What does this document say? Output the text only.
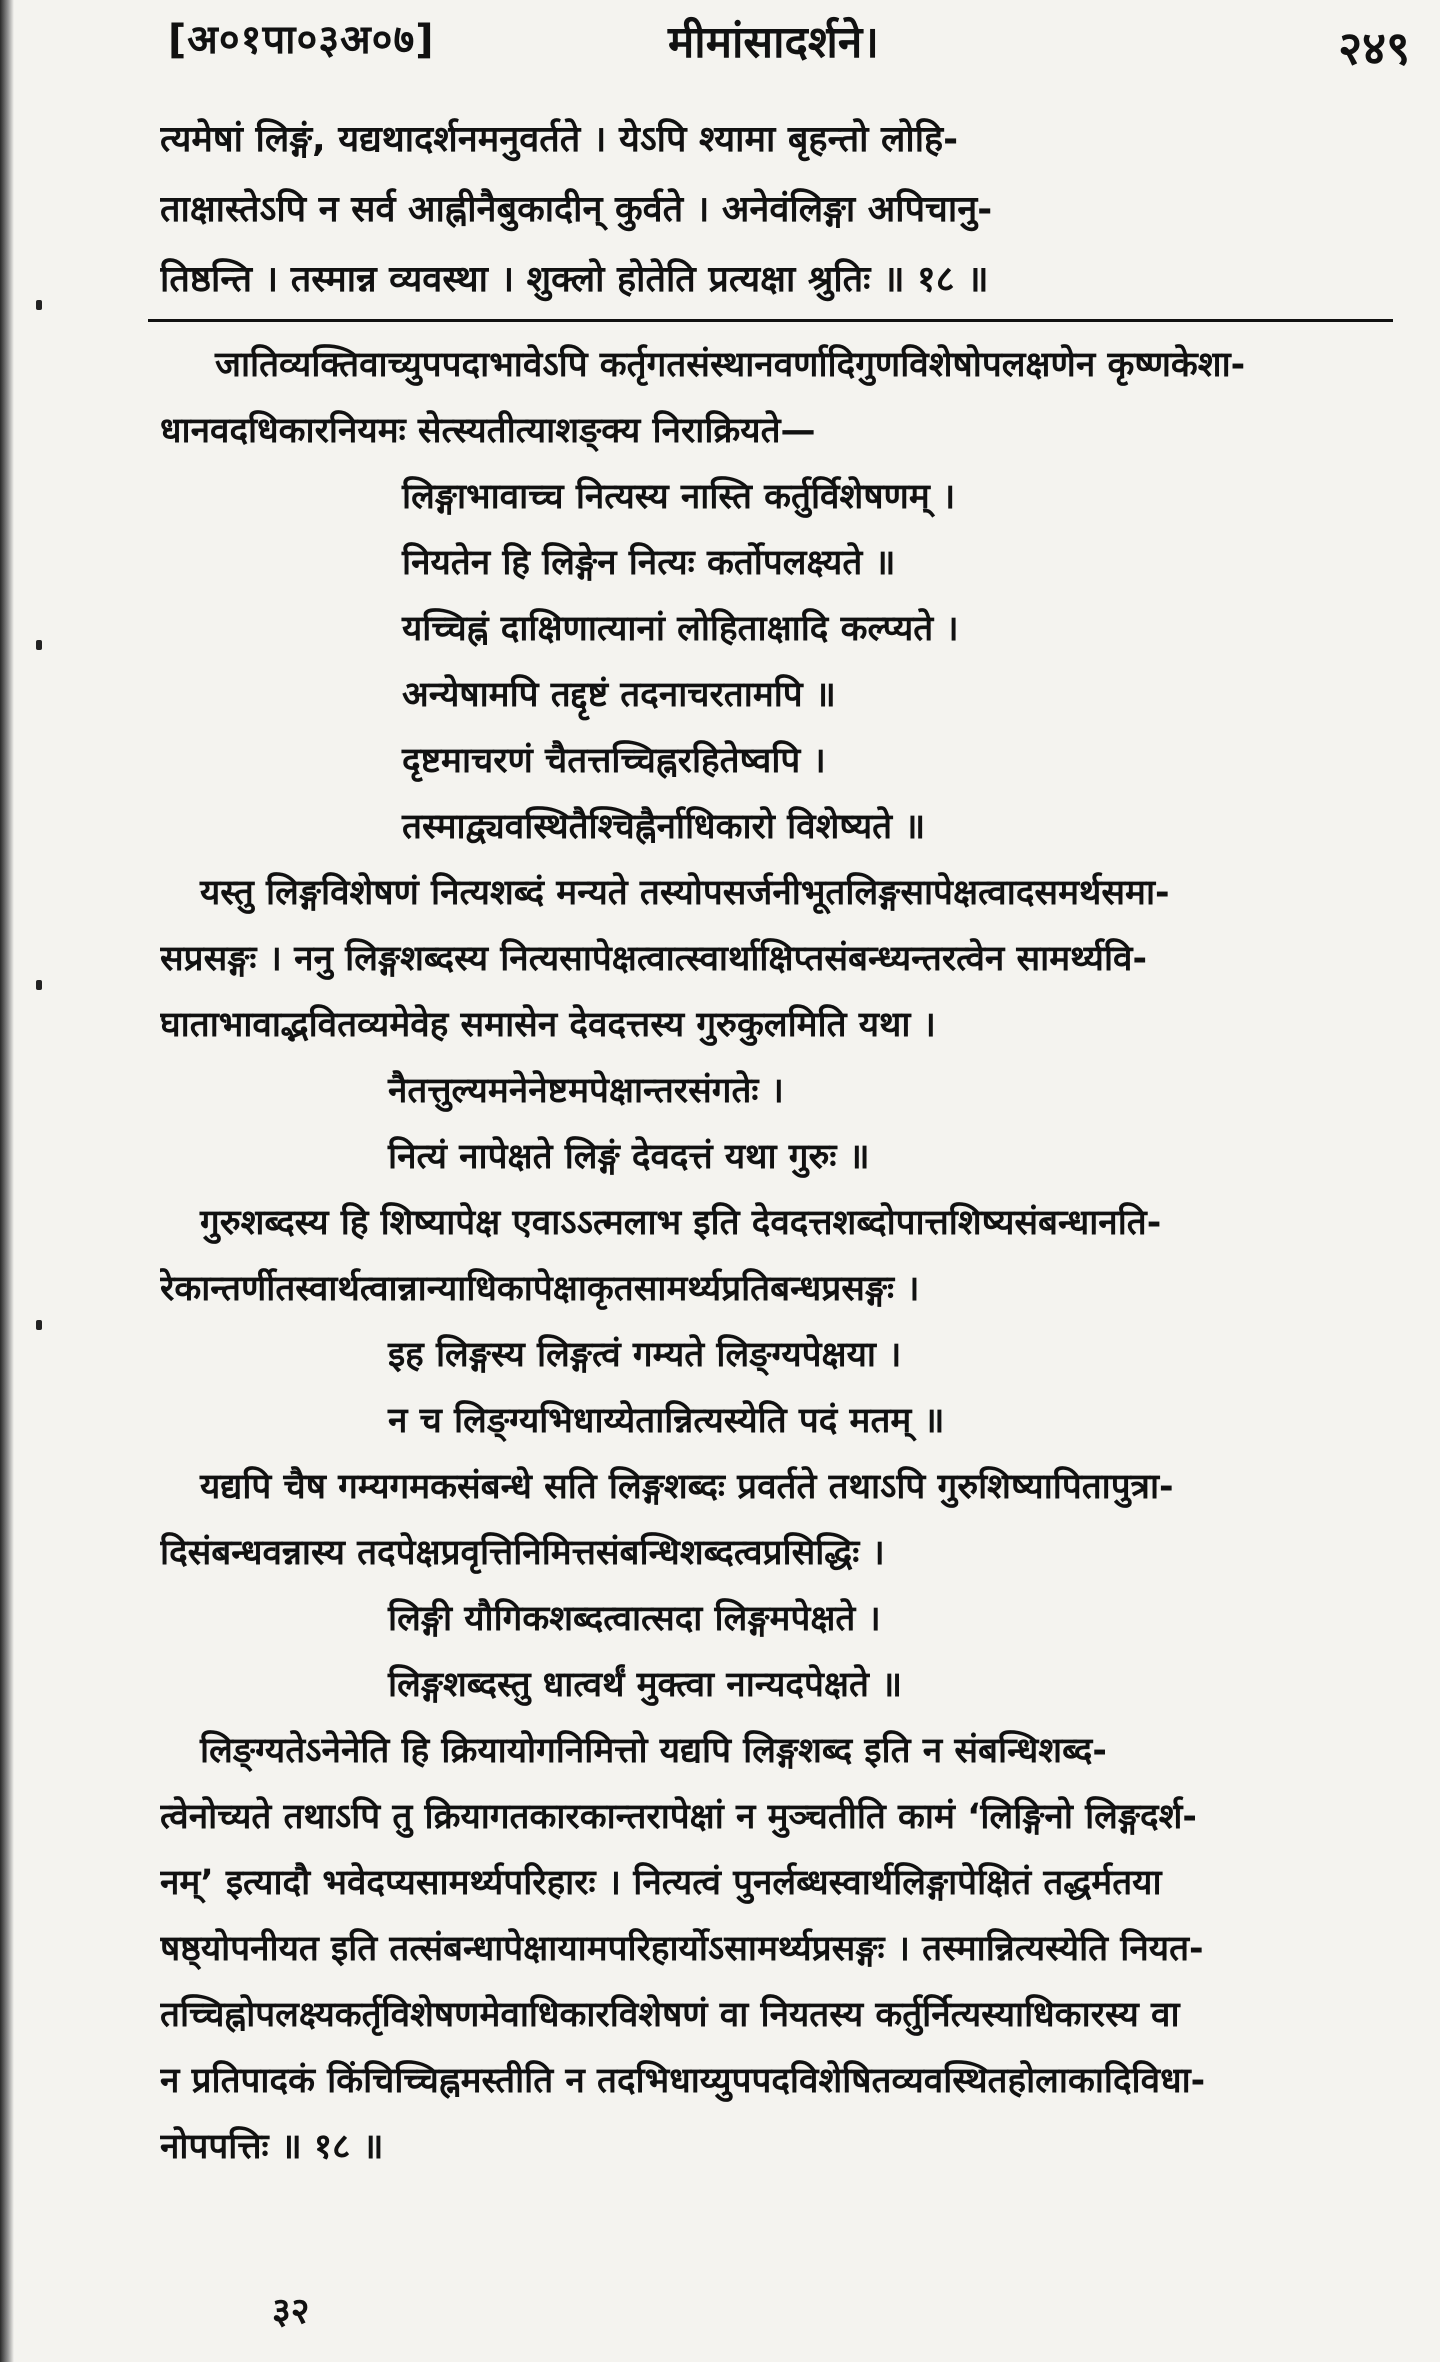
[अ०१पा०३अ०७]	मीमांसादर्शने।	२४९
त्यमेषां लिङ्गं, यद्यथादर्शनमनुवर्तते । येऽपि श्यामा बृहन्तो लोहि-
ताक्षास्तेऽपि न सर्व आह्नीनैबुकादीन् कुर्वते । अनेवंलिङ्गा अपिचानु-
तिष्ठन्ति । तस्मान्न व्यवस्था । शुक्लो होतेति प्रत्यक्षा श्रुतिः ॥ १८ ॥
जातिव्यक्तिवाच्युपपदाभावेऽपि कर्तृगतसंस्थानवर्णादिगुणविशेषोपलक्षणेन कृष्णकेशा-
धानवदधिकारनियमः सेत्स्यतीत्याशङ्क्य निराक्रियते—
लिङ्गाभावाच्च नित्यस्य नास्ति कर्तुर्विशेषणम् ।
नियतेन हि लिङ्गेन नित्यः कर्तोपलक्ष्यते ॥
यच्चिह्नं दाक्षिणात्यानां लोहिताक्षादि कल्प्यते ।
अन्येषामपि तद्दृष्टं तदनाचरतामपि ॥
दृष्टमाचरणं चैतत्तच्चिह्नरहितेष्वपि ।
तस्माद्व्यवस्थितैश्चिह्नैर्नाधिकारो विशेष्यते ॥
यस्तु लिङ्गविशेषणं नित्यशब्दं मन्यते तस्योपसर्जनीभूतलिङ्गसापेक्षत्वादसमर्थसमा-
सप्रसङ्गः । ननु लिङ्गशब्दस्य नित्यसापेक्षत्वात्स्वार्थाक्षिप्तसंबन्ध्यन्तरत्वेन सामर्थ्यवि-
घाताभावाद्भवितव्यमेवेह समासेन देवदत्तस्य गुरुकुलमिति यथा ।
नैतत्तुल्यमनेनेष्टमपेक्षान्तरसंगतेः ।
नित्यं नापेक्षते लिङ्गं देवदत्तं यथा गुरुः ॥
गुरुशब्दस्य हि शिष्यापेक्ष एवाऽऽत्मलाभ इति देवदत्तशब्दोपात्तशिष्यसंबन्धानति-
रेकान्तर्णीतस्वार्थत्वान्नान्याधिकापेक्षाकृतसामर्थ्यप्रतिबन्धप्रसङ्गः ।
इह लिङ्गस्य लिङ्गत्वं गम्यते लिङ्ग्यपेक्षया ।
न च लिङ्ग्यभिधाय्येतान्नित्यस्येति पदं मतम् ॥
यद्यपि चैष गम्यगमकसंबन्धे सति लिङ्गशब्दः प्रवर्तते तथाऽपि गुरुशिष्यापितापुत्रा-
दिसंबन्धवन्नास्य तदपेक्षप्रवृत्तिनिमित्तसंबन्धिशब्दत्वप्रसिद्धिः ।
लिङ्गी यौगिकशब्दत्वात्सदा लिङ्गमपेक्षते ।
लिङ्गशब्दस्तु धात्वर्थं मुक्त्वा नान्यदपेक्षते ॥
लिङ्ग्यतेऽनेनेति हि क्रियायोगनिमित्तो यद्यपि लिङ्गशब्द इति न संबन्धिशब्द-
त्वेनोच्यते तथाऽपि तु क्रियागतकारकान्तरापेक्षां न मुञ्चतीति कामं ‘लिङ्गिनो लिङ्गदर्श-
नम्’ इत्यादौ भवेदप्यसामर्थ्यपरिहारः । नित्यत्वं पुनर्लब्धस्वार्थलिङ्गापेक्षितं तद्धर्मतया
षष्ठ्योपनीयत इति तत्संबन्धापेक्षायामपरिहार्योऽसामर्थ्यप्रसङ्गः । तस्मान्नित्यस्येति नियत-
तच्चिह्नोपलक्ष्यकर्तृविशेषणमेवाधिकारविशेषणं वा नियतस्य कर्तुर्नित्यस्याधिकारस्य वा
न प्रतिपादकं किंचिच्चिह्नमस्तीति न तदभिधाय्युपपदविशेषितव्यवस्थितहोलाकादिविधा-
नोपपत्तिः ॥ १८ ॥
३२
